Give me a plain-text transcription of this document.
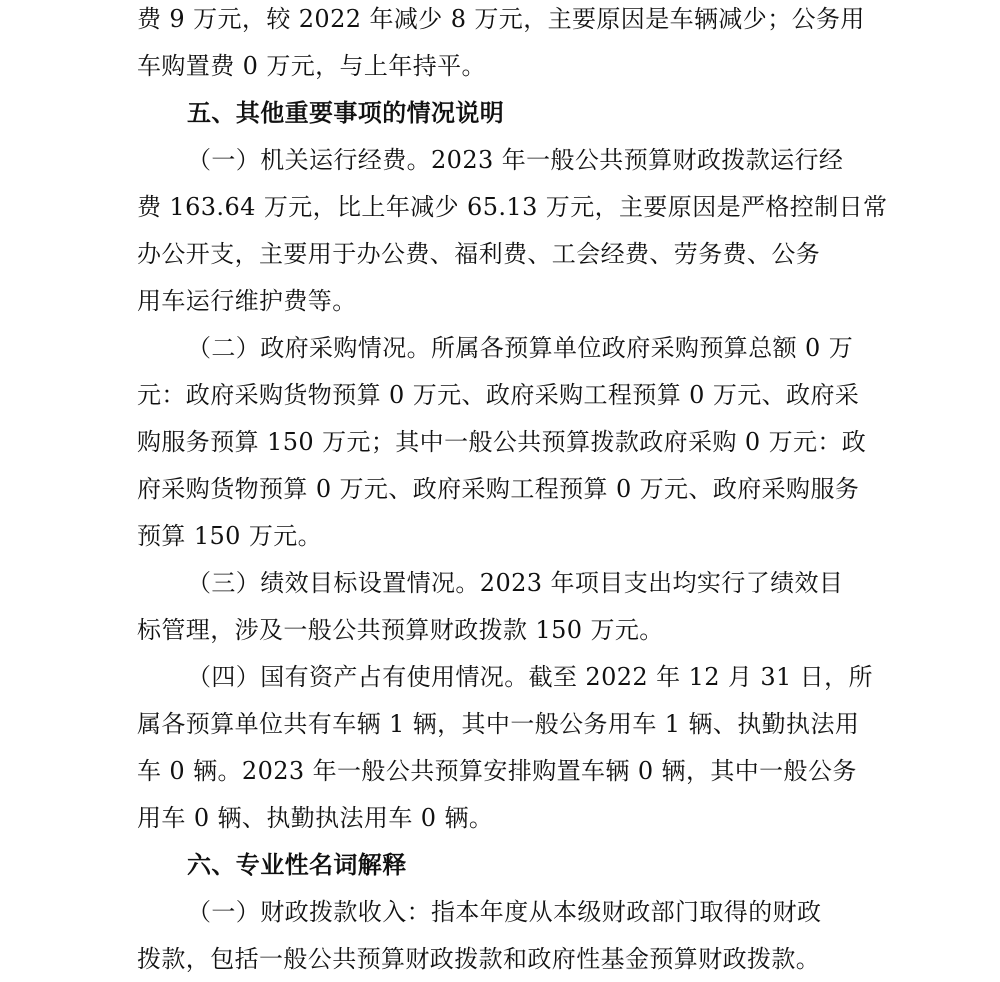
费 9 万元，较 2022 年减少 8 万元，主要原因是车辆减少；公务用
车购置费 0 万元，与上年持平。
五、其他重要事项的情况说明
（一）机关运行经费。2023 年一般公共预算财政拨款运行经
费 163.64 万元，比上年减少 65.13 万元，主要原因是严格控制日常
办公开支，主要用于办公费、福利费、工会经费、劳务费、公务
用车运行维护费等。
（二）政府采购情况。所属各预算单位政府采购预算总额 0 万
元：政府采购货物预算 0 万元、政府采购工程预算 0 万元、政府采
购服务预算 150 万元；其中一般公共预算拨款政府采购 0 万元：政
府采购货物预算 0 万元、政府采购工程预算 0 万元、政府采购服务
预算 150 万元。
（三）绩效目标设置情况。2023 年项目支出均实行了绩效目
标管理，涉及一般公共预算财政拨款 150 万元。
（四）国有资产占有使用情况。截至 2022 年 12 月 31 日，所
属各预算单位共有车辆 1 辆，其中一般公务用车 1 辆、执勤执法用
车 0 辆。2023 年一般公共预算安排购置车辆 0 辆，其中一般公务
用车 0 辆、执勤执法用车 0 辆。
六、专业性名词解释
（一）财政拨款收入：指本年度从本级财政部门取得的财政
拨款，包括一般公共预算财政拨款和政府性基金预算财政拨款。
